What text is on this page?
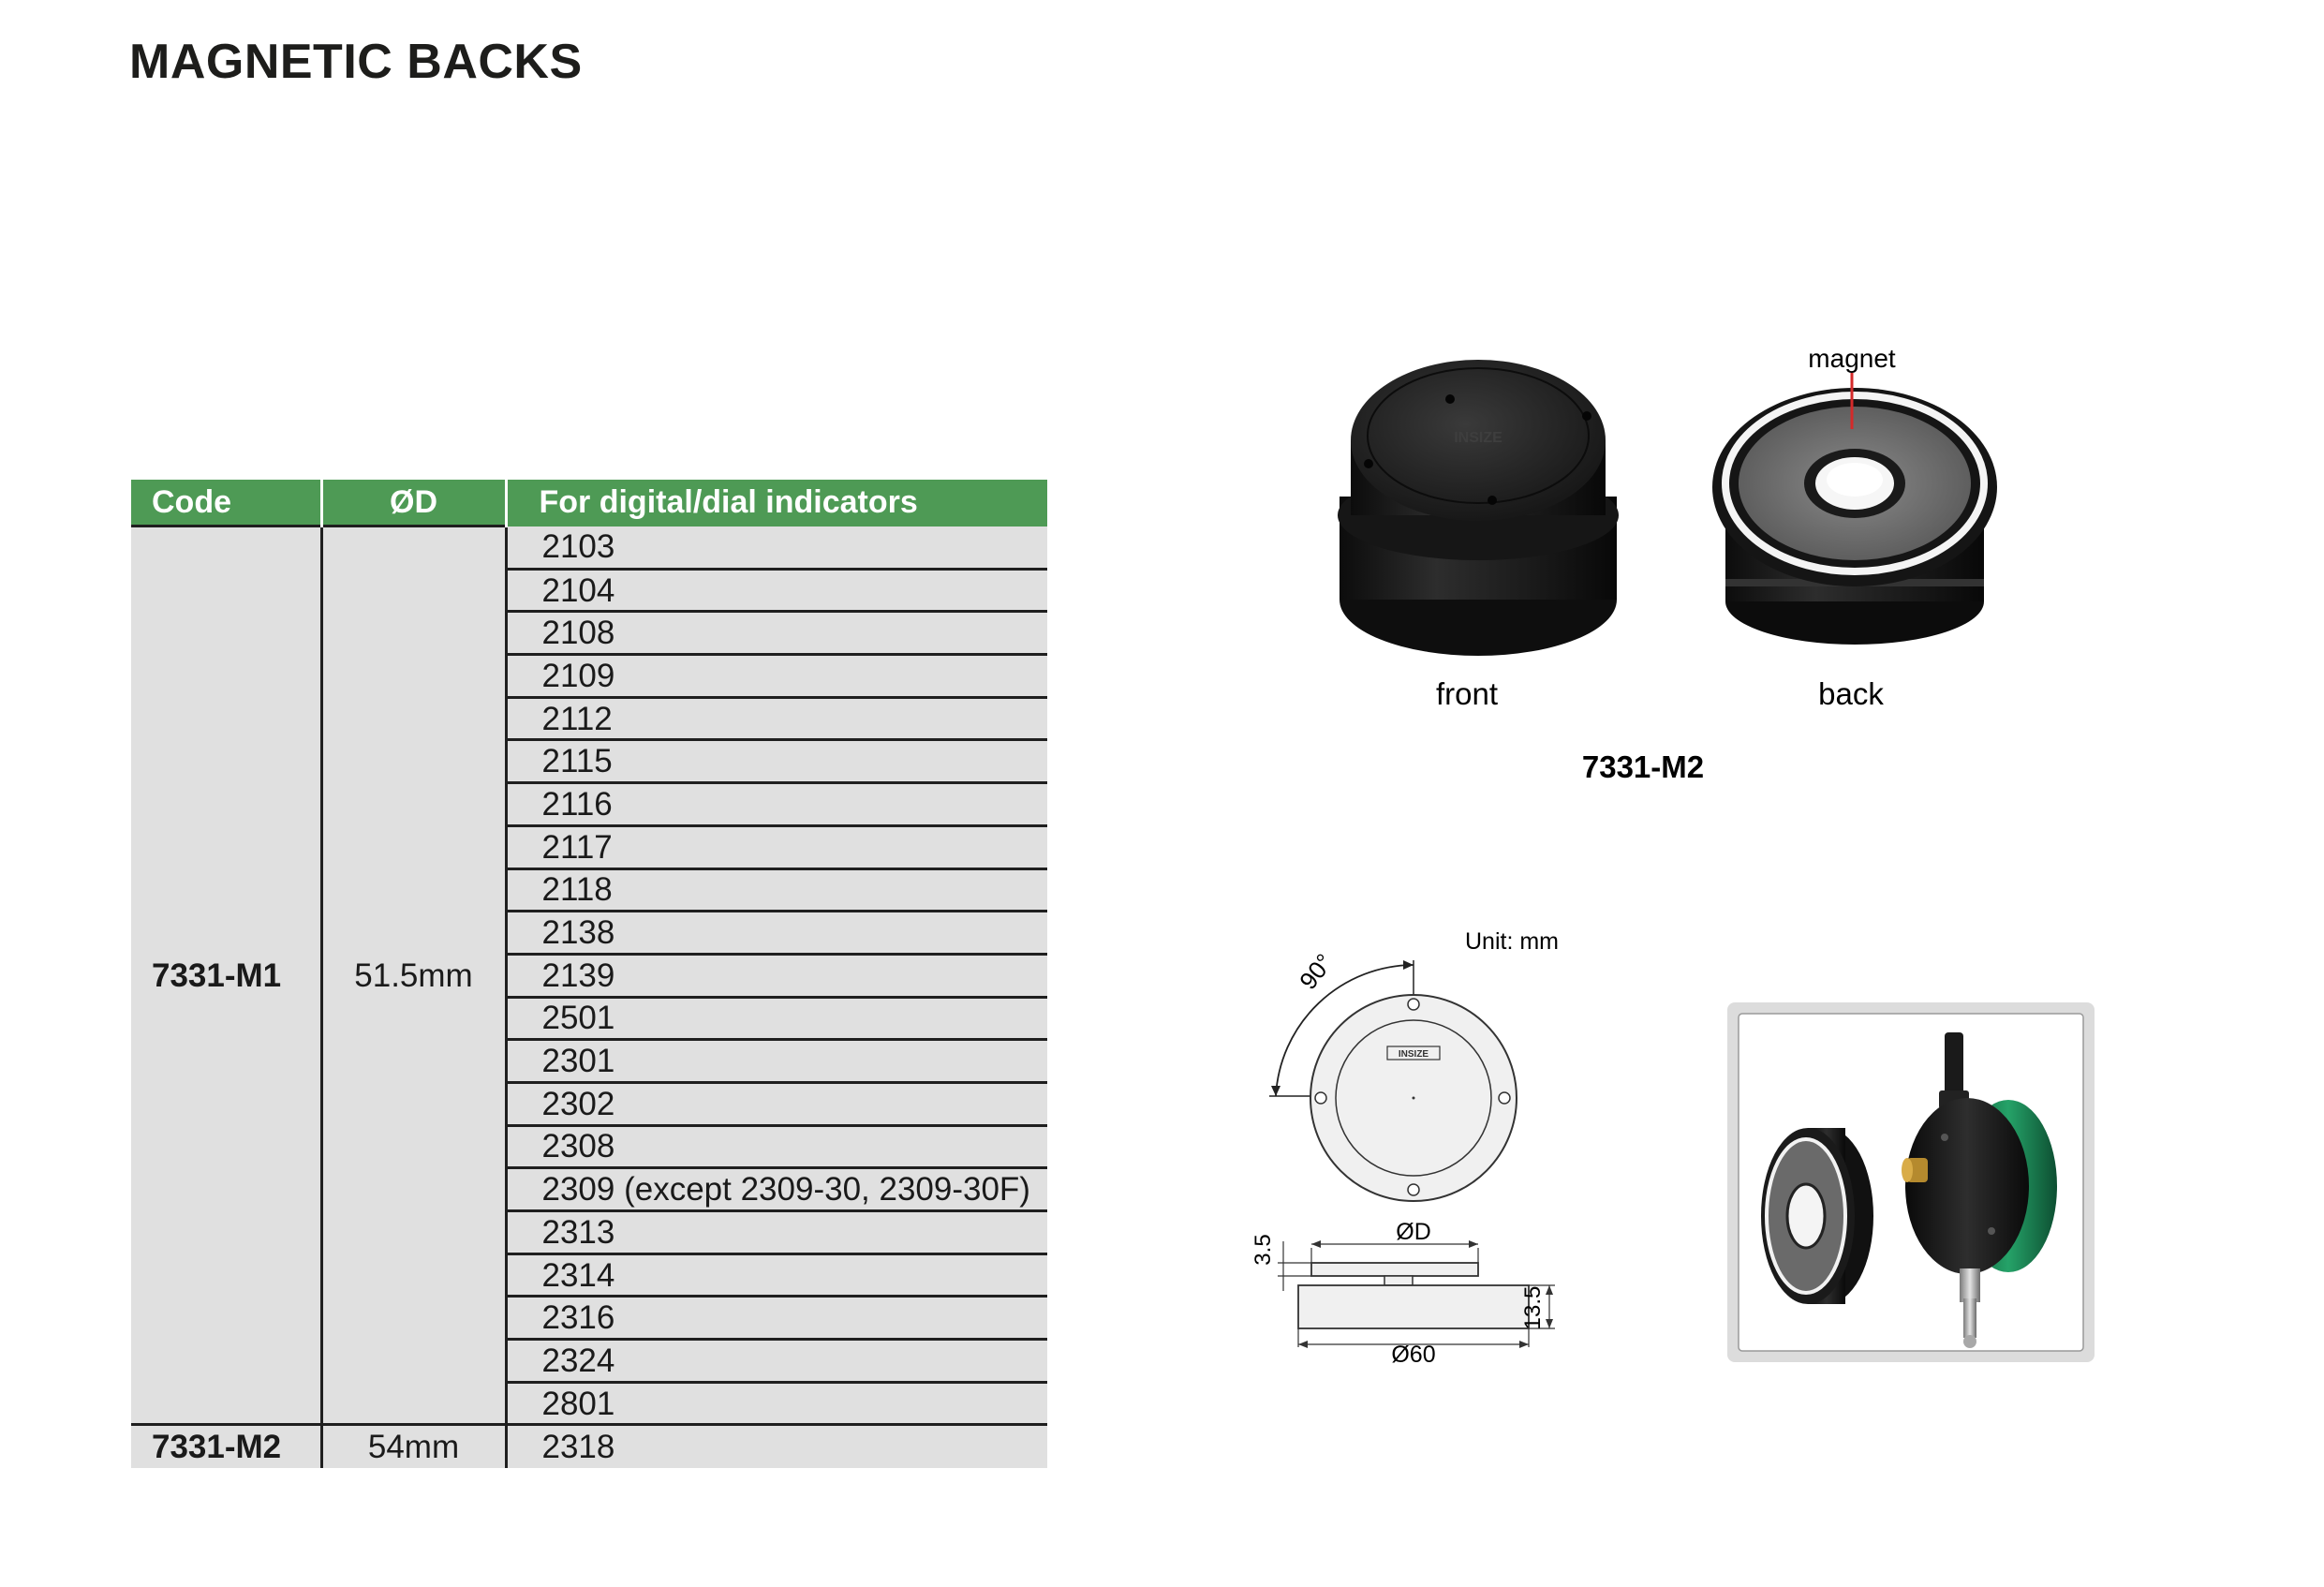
MAGNETIC BACKS
Code	ØD	For digital/dial indicators
7331-M1	51.5mm	2103
		2104
		2108
		2109
		2112
		2115
		2116
		2117
		2118
		2138
		2139
		2501
		2301
		2302
		2308
		2309 (except 2309-30, 2309-30F)
		2313
		2314
		2316
		2324
		2801
7331-M2	54mm	2318
INSIZE
magnet
front	back
7331-M2
Unit: mm
90°
INSIZE
ØD
Ø60
3.5
13.5
